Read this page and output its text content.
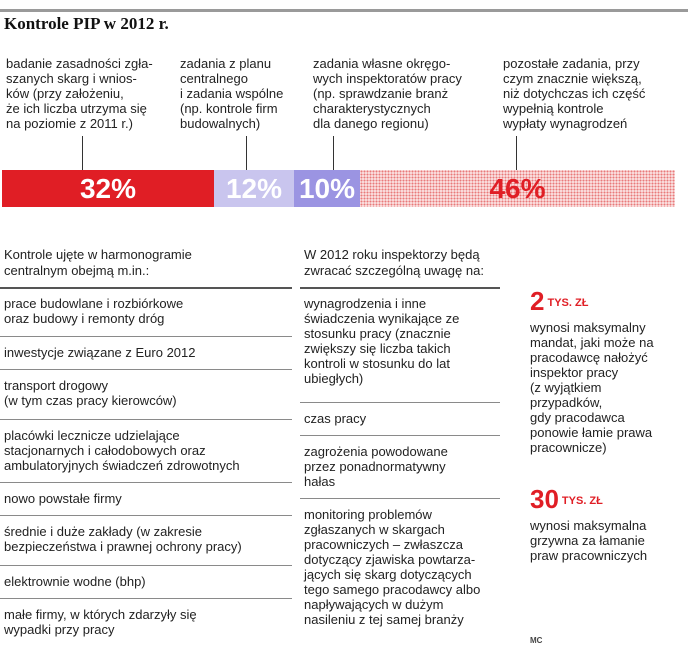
Kontrole PIP w 2012 r.
badanie zasadności zgła-
szanych skarg i wnios-
ków (przy założeniu,
że ich liczba utrzyma się
na poziomie z 2011 r.)
zadania z planu
centralnego
i zadania wspólne
(np. kontrole firm
budowalnych)
zadania własne okręgo-
wych inspektoratów pracy
(np. sprawdzanie branż
charakterystycznych
dla danego regionu)
pozostałe zadania, przy
czym znacznie większą,
niż dotychczas ich część
wypełnią kontrole
wypłaty wynagrodzeń
32%	12% 10%	46%
Kontrole ujęte w harmonogramie
centralnym obejmą m.in.:
prace budowlane i rozbiórkowe
oraz budowy i remonty dróg
inwestycje związane z Euro 2012
transport drogowy
(w tym czas pracy kierowców)
placówki lecznicze udzielające
stacjonarnych i całodobowych oraz
ambulatoryjnych świadczeń zdrowotnych
nowo powstałe firmy
średnie i duże zakłady (w zakresie
bezpieczeństwa i prawnej ochrony pracy)
elektrownie wodne (bhp)
małe firmy, w których zdarzyły się
wypadki przy pracy
W 2012 roku inspektorzy będą
zwracać szczególną uwagę na:
wynagrodzenia i inne
świadczenia wynikające ze
stosunku pracy (znacznie
zwiększy się liczba takich
kontroli w stosunku do lat
ubiegłych)
czas pracy
zagrożenia powodowane
przez ponadnormatywny
hałas
monitoring problemów
zgłaszanych w skargach
pracowniczych – zwłaszcza
dotyczący zjawiska powtarza-
jących się skarg dotyczących
tego samego pracodawcy albo
napływających w dużym
nasileniu z tej samej branży
2 TYS. ZŁ
wynosi maksymalny
mandat, jaki może na
pracodawcę nałożyć
inspektor pracy
(z wyjątkiem
przypadków,
gdy pracodawca
ponowie łamie prawa
pracownicze)
30 TYS. ZŁ
wynosi maksymalna
grzywna za łamanie
praw pracowniczych
MC
